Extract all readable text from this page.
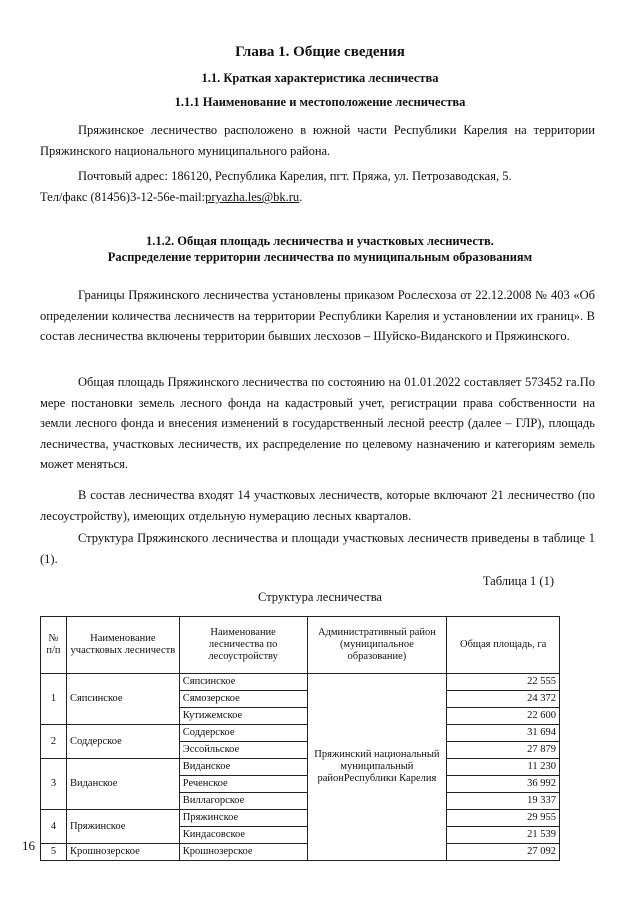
Глава 1. Общие сведения
1.1. Краткая характеристика лесничества
1.1.1 Наименование и местоположение лесничества

Пряжинское лесничество расположено в южной части Республики Карелия на территории Пряжинского национального муниципального района.

Почтовый адрес: 186120, Республика Карелия, пгт. Пряжа, ул. Петрозаводская, 5.
Тел/факс (81456)3-12-56e-mail:pryazha.les@bk.ru.
1.1.2. Общая площадь лесничества и участковых лесничеств.
Распределение территории лесничества по муниципальным образованиям

Границы Пряжинского лесничества установлены приказом Рослесхоза от 22.12.2008 № 403 «Об определении количества лесничеств на территории Республики Карелия и установлении их границ». В состав лесничества включены территории бывших лесхозов – Шуйско-Виданского и Пряжинского.

Общая площадь Пряжинского лесничества по состоянию на 01.01.2022 составляет 573452 га.По мере постановки земель лесного фонда на кадастровый учет, регистрации права собственности на земли лесного фонда и внесения изменений в государственный лесной реестр (далее – ГЛР), площадь лесничества, участковых лесничеств, их распределение по целевому назначению и категориям земель может меняться.

В состав лесничества входят 14 участковых лесничеств, которые включают 21 лесничество (по лесоустройству), имеющих отдельную нумерацию лесных кварталов.

Структура Пряжинского лесничества и площади участковых лесничеств приведены в таблице 1 (1).

Таблица 1 (1)
Структура лесничества
№ п/п	Наименование участковых лесничеств	Наименование лесничества по лесоустройству	Административный район (муниципальное образование)	Общая площадь, га
1	Сяпсинское	Сяпсинское	Пряжинский национальный муниципальный районРеспублики Карелия	22 555
		Сямозерское		24 372
		Кутижемское		22 600
2	Соддерское	Соддерское		31 694
		Эссойльское		27 879
3	Виданское	Виданское		11 230
		Реченское		36 992
		Виллагорское		19 337
4	Пряжинское	Пряжинское		29 955
		Киндасовское		21 539
5	Крошнозерское	Крошнозерское		27 092
16
